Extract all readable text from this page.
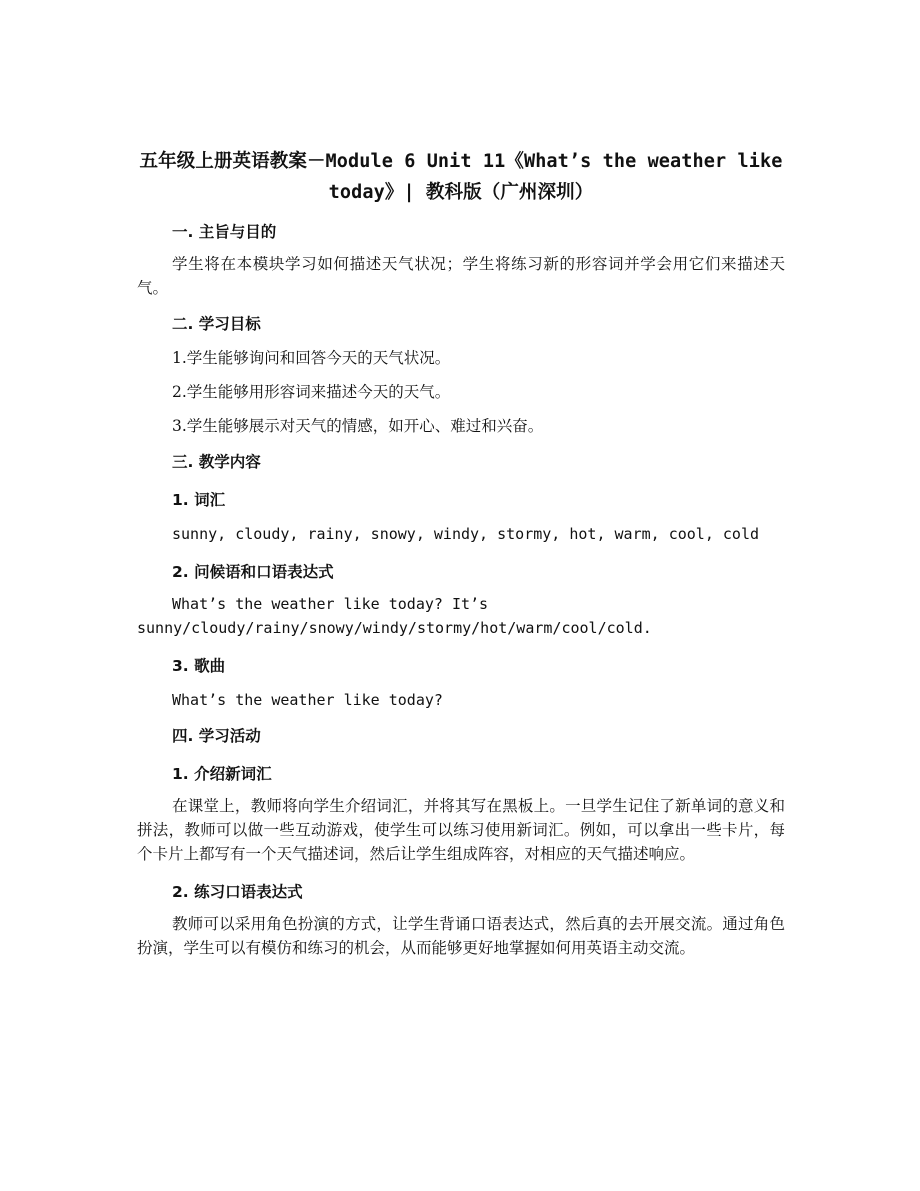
五年级上册英语教案－Module 6 Unit 11《What’s the weather like today》| 教科版（广州深圳）
一. 主旨与目的

学生将在本模块学习如何描述天气状况；学生将练习新的形容词并学会用它们来描述天气。

二. 学习目标
1.学生能够询问和回答今天的天气状况。
2.学生能够用形容词来描述今天的天气。
3.学生能够展示对天气的情感，如开心、难过和兴奋。
三. 教学内容
1. 词汇
sunny, cloudy, rainy, snowy, windy, stormy, hot, warm, cool, cold
2. 问候语和口语表达式

What’s the weather like today? It’s sunny/cloudy/rainy/snowy/windy/stormy/hot/warm/cool/cold.

3. 歌曲
What’s the weather like today?
四. 学习活动
1. 介绍新词汇

在课堂上，教师将向学生介绍词汇，并将其写在黑板上。一旦学生记住了新单词的意义和拼法，教师可以做一些互动游戏，使学生可以练习使用新词汇。例如，可以拿出一些卡片，每个卡片上都写有一个天气描述词，然后让学生组成阵容，对相应的天气描述响应。

2. 练习口语表达式

教师可以采用角色扮演的方式，让学生背诵口语表达式，然后真的去开展交流。通过角色扮演，学生可以有模仿和练习的机会，从而能够更好地掌握如何用英语主动交流。
